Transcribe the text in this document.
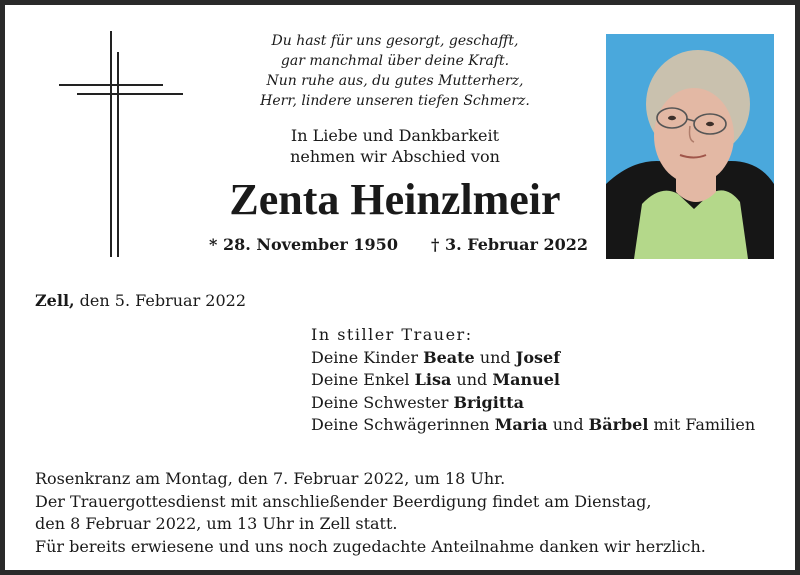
Du hast für uns gesorgt, geschafft,
gar manchmal über deine Kraft.
Nun ruhe aus, du gutes Mutterherz,
Herr, lindere unseren tiefen Schmerz.
In Liebe und Dankbarkeit
nehmen wir Abschied von
Zenta Heinzlmeir
* 28. November 1950 † 3. Februar 2022
Zell, den 5. Februar 2022
In stiller Trauer:
Deine Kinder Beate und Josef
Deine Enkel Lisa und Manuel
Deine Schwester Brigitta
Deine Schwägerinnen Maria und Bärbel mit Familien
Rosenkranz am Montag, den 7. Februar 2022, um 18 Uhr.
Der Trauergottesdienst mit anschließender Beerdigung findet am Dienstag,
den 8 Februar 2022, um 13 Uhr in Zell statt.
Für bereits erwiesene und uns noch zugedachte Anteilnahme danken wir herzlich.
